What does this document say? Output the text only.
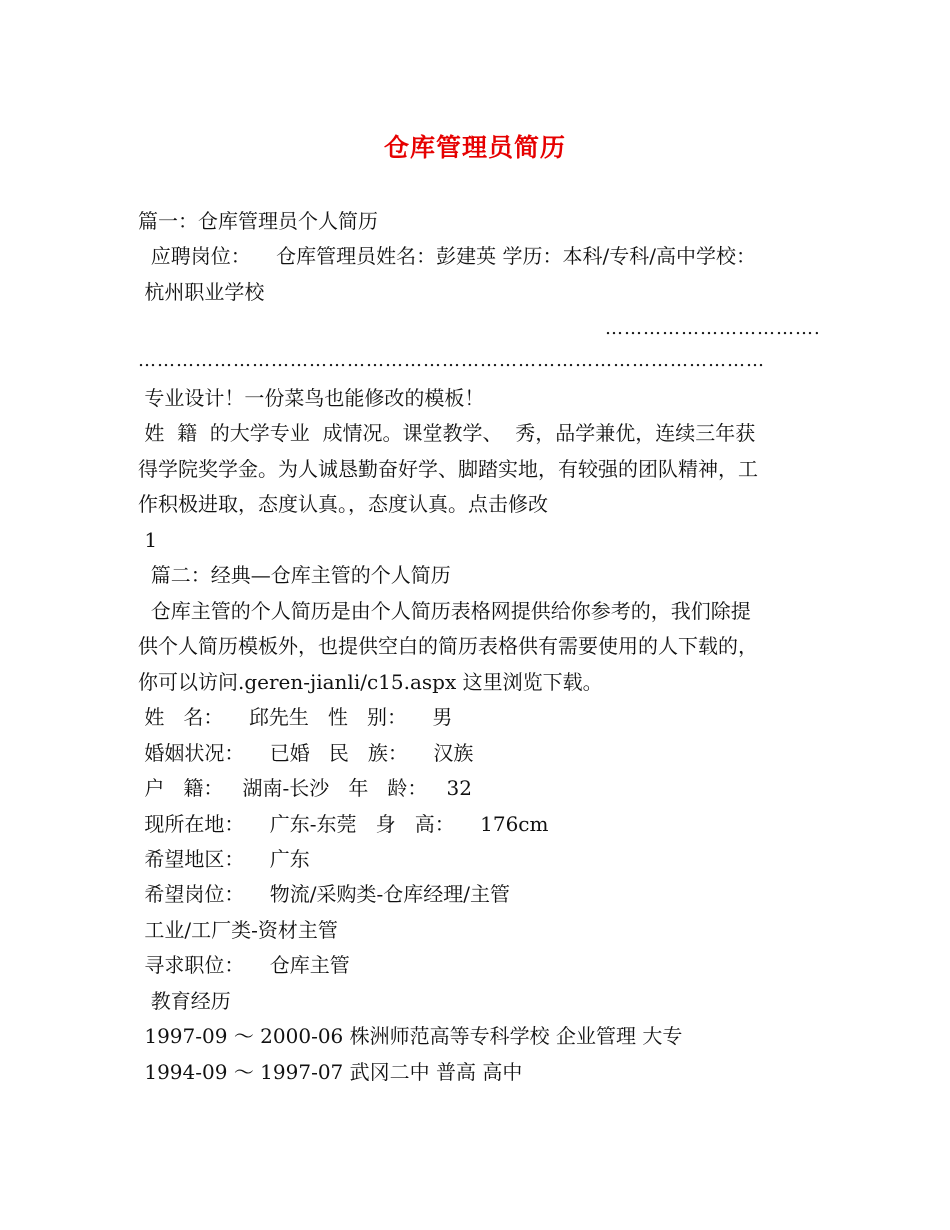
仓库管理员简历
篇一：仓库管理员个人简历
应聘岗位：    仓库管理员姓名：彭建英 学历：本科/专科/高中学校：
杭州职业学校
…………………………….
………………………………………………………………………………………
专业设计！一份菜鸟也能修改的模板！
姓  籍  的大学专业  成情况。课堂教学、  秀，品学兼优，连续三年获
得学院奖学金。为人诚恳勤奋好学、脚踏实地，有较强的团队精神，工
作积极进取，态度认真。，态度认真。点击修改
1
篇二：经典—仓库主管的个人简历
仓库主管的个人简历是由个人简历表格网提供给你参考的，我们除提
供个人简历模板外，也提供空白的简历表格供有需要使用的人下载的，
你可以访问.geren-jianli/c15.aspx 这里浏览下载。
姓   名：    邱先生   性   别：    男
婚姻状况：    已婚   民   族：    汉族
户   籍：   湖南-长沙   年   龄：   32
现所在地：    广东-东莞   身   高：    176cm
希望地区：    广东
希望岗位：    物流/采购类-仓库经理/主管
工业/工厂类-资材主管
寻求职位：    仓库主管
教育经历
1997-09 ～ 2000-06 株洲师范高等专科学校 企业管理 大专
1994-09 ～ 1997-07 武冈二中 普高 高中
